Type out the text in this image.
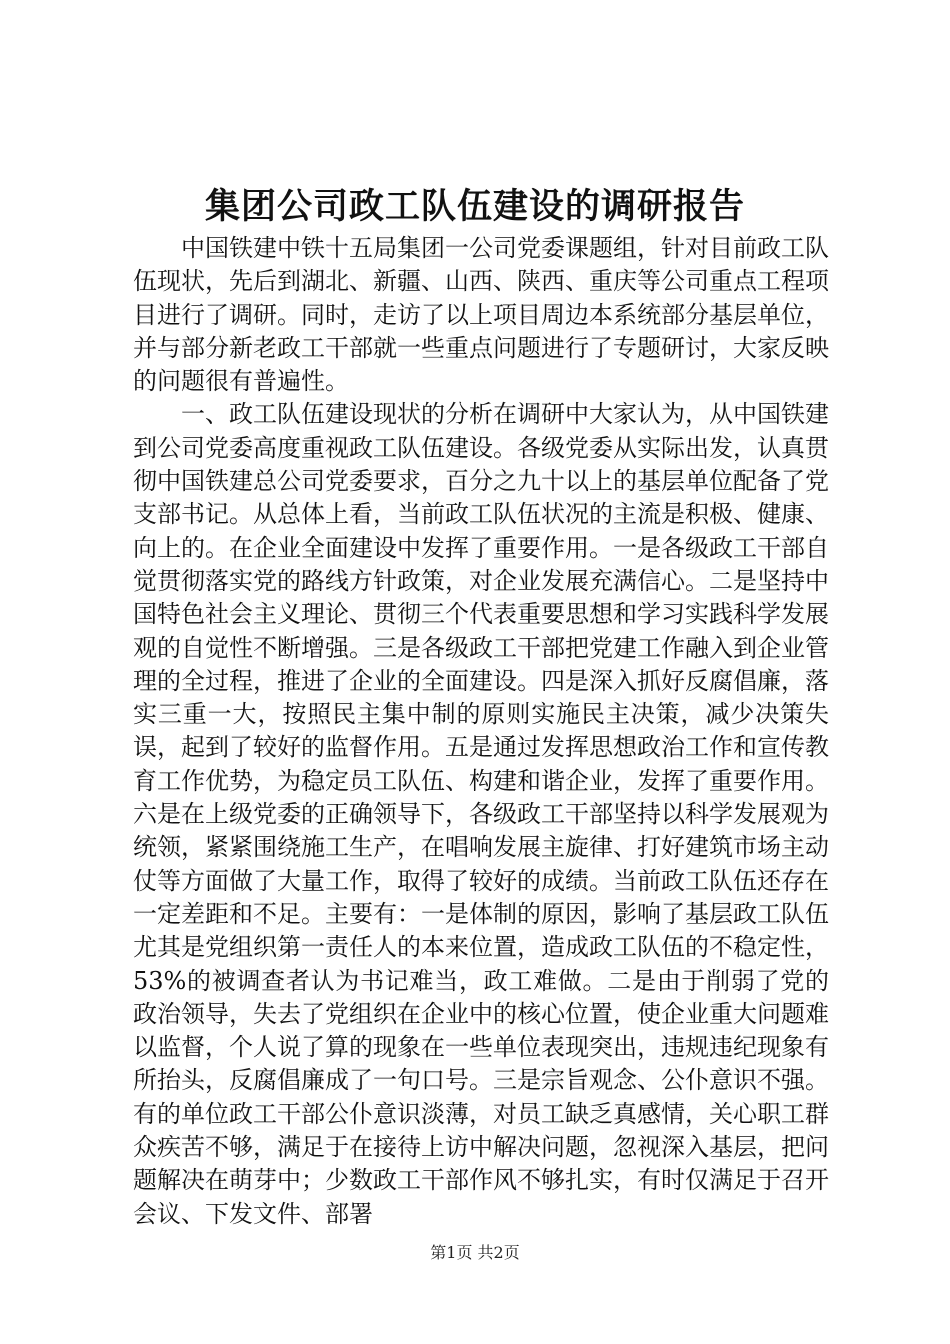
集团公司政工队伍建设的调研报告

中国铁建中铁十五局集团一公司党委课题组，针对目前政工队伍现状，先后到湖北、新疆、山西、陕西、重庆等公司重点工程项目进行了调研。同时，走访了以上项目周边本系统部分基层单位，并与部分新老政工干部就一些重点问题进行了专题研讨，大家反映的问题很有普遍性。

一、政工队伍建设现状的分析在调研中大家认为，从中国铁建到公司党委高度重视政工队伍建设。各级党委从实际出发，认真贯彻中国铁建总公司党委要求，百分之九十以上的基层单位配备了党支部书记。从总体上看，当前政工队伍状况的主流是积极、健康、向上的。在企业全面建设中发挥了重要作用。一是各级政工干部自觉贯彻落实党的路线方针政策，对企业发展充满信心。二是坚持中国特色社会主义理论、贯彻三个代表重要思想和学习实践科学发展观的自觉性不断增强。三是各级政工干部把党建工作融入到企业管理的全过程，推进了企业的全面建设。四是深入抓好反腐倡廉，落实三重一大，按照民主集中制的原则实施民主决策，减少决策失误，起到了较好的监督作用。五是通过发挥思想政治工作和宣传教育工作优势，为稳定员工队伍、构建和谐企业，发挥了重要作用。六是在上级党委的正确领导下，各级政工干部坚持以科学发展观为统领，紧紧围绕施工生产，在唱响发展主旋律、打好建筑市场主动仗等方面做了大量工作，取得了较好的成绩。当前政工队伍还存在一定差距和不足。主要有：一是体制的原因，影响了基层政工队伍尤其是党组织第一责任人的本来位置，造成政工队伍的不稳定性，53%的被调查者认为书记难当，政工难做。二是由于削弱了党的政治领导，失去了党组织在企业中的核心位置，使企业重大问题难以监督，个人说了算的现象在一些单位表现突出，违规违纪现象有所抬头，反腐倡廉成了一句口号。三是宗旨观念、公仆意识不强。有的单位政工干部公仆意识淡薄，对员工缺乏真感情，关心职工群众疾苦不够，满足于在接待上访中解决问题，忽视深入基层，把问题解决在萌芽中；少数政工干部作风不够扎实，有时仅满足于召开会议、下发文件、部署

第1页 共2页
